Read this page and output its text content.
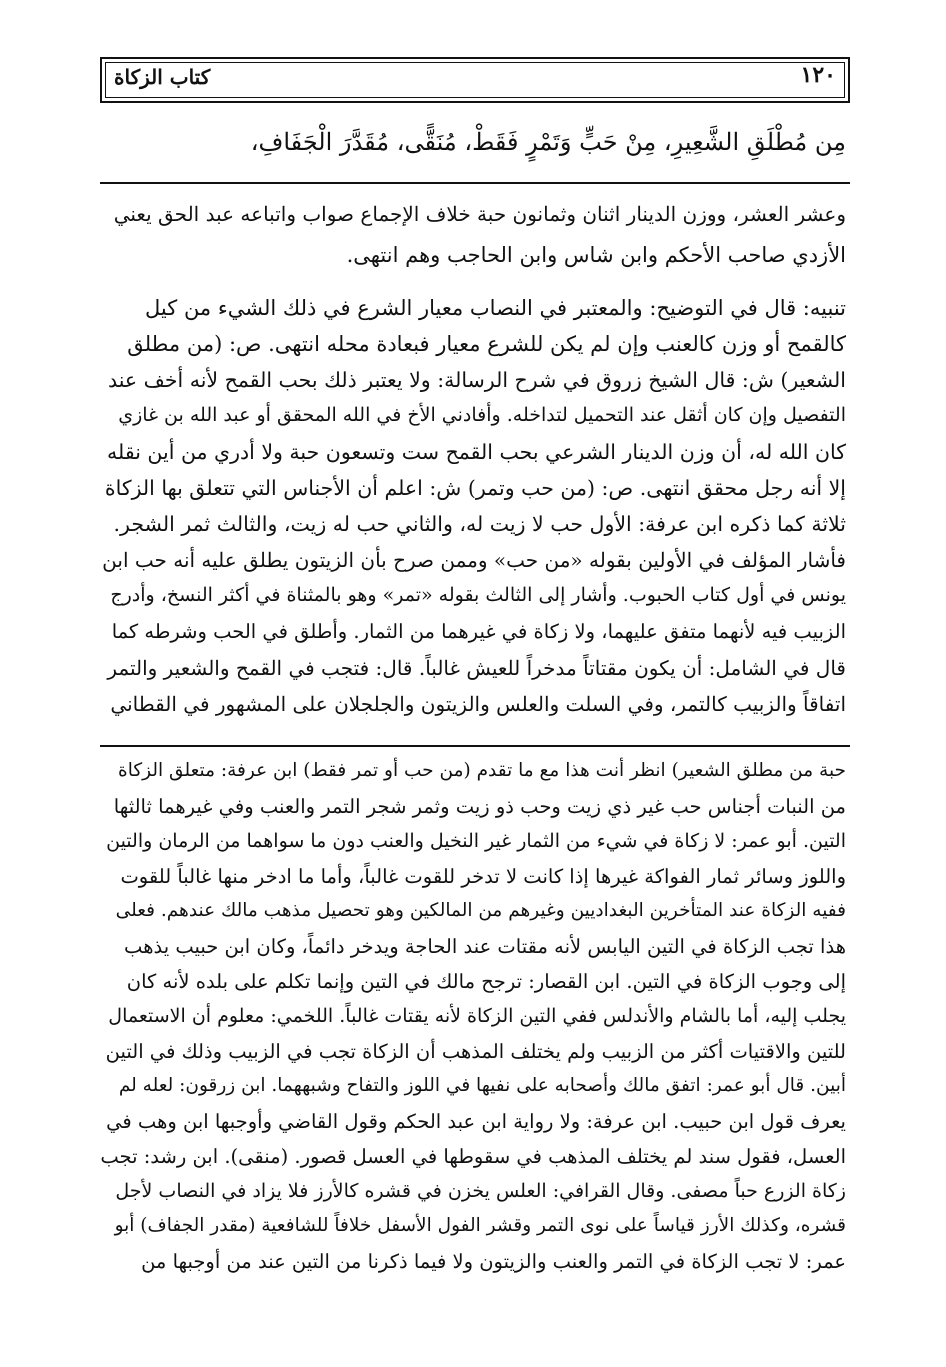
١٢٠
كتاب الزكاة
مِن مُطْلَقِ الشَّعِيرِ، مِنْ حَبٍّ وَتَمْرٍ فَقَطْ، مُنَقًّى، مُقَدَّرَ الْجَفَافِ،
وعشر العشر، ووزن الدينار اثنان وثمانون حبة خلاف الإجماع صواب واتباعه عبد الحق يعني
الأزدي صاحب الأحكم وابن شاس وابن الحاجب وهم انتهى.
تنبيه: قال في التوضيح: والمعتبر في النصاب معيار الشرع في ذلك الشيء من كيل
كالقمح أو وزن كالعنب وإن لم يكن للشرع معيار فبعادة محله انتهى. ص: (من مطلق
الشعير) ش: قال الشيخ زروق في شرح الرسالة: ولا يعتبر ذلك بحب القمح لأنه أخف عند
التفصيل وإن كان أثقل عند التحميل لتداخله. وأفادني الأخ في الله المحقق أو عبد الله بن غازي
كان الله له، أن وزن الدينار الشرعي بحب القمح ست وتسعون حبة ولا أدري من أين نقله
إلا أنه رجل محقق انتهى. ص: (من حب وتمر) ش: اعلم أن الأجناس التي تتعلق بها الزكاة
ثلاثة كما ذكره ابن عرفة: الأول حب لا زيت له، والثاني حب له زيت، والثالث ثمر الشجر.
فأشار المؤلف في الأولين بقوله «من حب» وممن صرح بأن الزيتون يطلق عليه أنه حب ابن
يونس في أول كتاب الحبوب. وأشار إلى الثالث بقوله «تمر» وهو بالمثناة في أكثر النسخ، وأدرج
الزبيب فيه لأنهما متفق عليهما، ولا زكاة في غيرهما من الثمار. وأطلق في الحب وشرطه كما
قال في الشامل: أن يكون مقتاتاً مدخراً للعيش غالباً. قال: فتجب في القمح والشعير والتمر
اتفاقاً والزبيب كالتمر، وفي السلت والعلس والزيتون والجلجلان على المشهور في القطاني
حبة من مطلق الشعير) انظر أنت هذا مع ما تقدم (من حب أو تمر فقط) ابن عرفة: متعلق الزكاة
من النبات أجناس حب غير ذي زيت وحب ذو زيت وثمر شجر التمر والعنب وفي غيرهما ثالثها
التين. أبو عمر: لا زكاة في شيء من الثمار غير النخيل والعنب دون ما سواهما من الرمان والتين
واللوز وسائر ثمار الفواكة غيرها إذا كانت لا تدخر للقوت غالباً، وأما ما ادخر منها غالباً للقوت
ففيه الزكاة عند المتأخرين البغداديين وغيرهم من المالكين وهو تحصيل مذهب مالك عندهم. فعلى
هذا تجب الزكاة في التين اليابس لأنه مقتات عند الحاجة ويدخر دائماً، وكان ابن حبيب يذهب
إلى وجوب الزكاة في التين. ابن القصار: ترجح مالك في التين وإنما تكلم على بلده لأنه كان
يجلب إليه، أما بالشام والأندلس ففي التين الزكاة لأنه يقتات غالباً. اللخمي: معلوم أن الاستعمال
للتين والاقتيات أكثر من الزبيب ولم يختلف المذهب أن الزكاة تجب في الزبيب وذلك في التين
أبين. قال أبو عمر: اتفق مالك وأصحابه على نفيها في اللوز والتفاح وشبههما. ابن زرقون: لعله لم
يعرف قول ابن حبيب. ابن عرفة: ولا رواية ابن عبد الحكم وقول القاضي وأوجبها ابن وهب في
العسل، فقول سند لم يختلف المذهب في سقوطها في العسل قصور. (منقى). ابن رشد: تجب
زكاة الزرع حباً مصفى. وقال القرافي: العلس يخزن في قشره كالأرز فلا يزاد في النصاب لأجل
قشره، وكذلك الأرز قياساً على نوى التمر وقشر الفول الأسفل خلافاً للشافعية (مقدر الجفاف) أبو
عمر: لا تجب الزكاة في التمر والعنب والزيتون ولا فيما ذكرنا من التين عند من أوجبها من
